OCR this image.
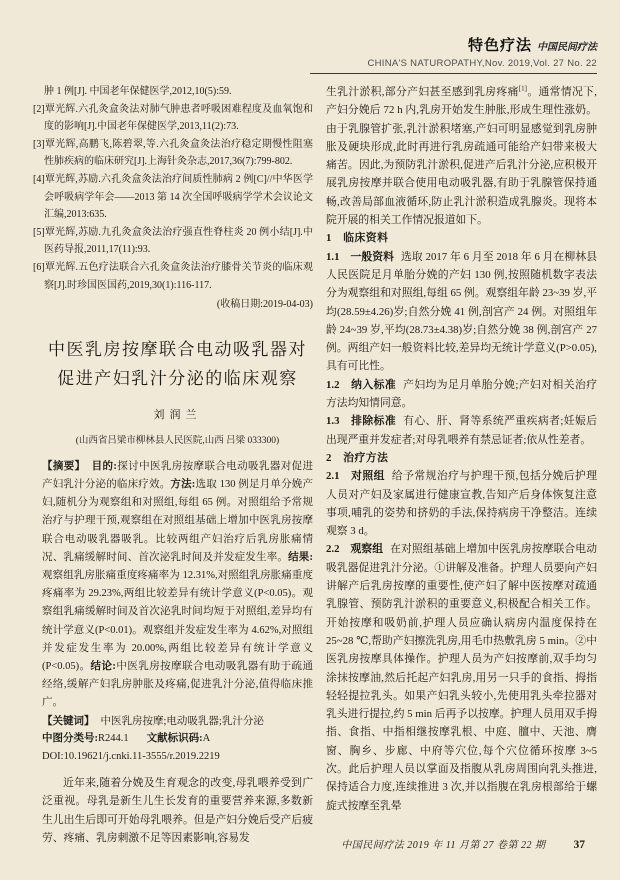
特色疗法 中国民间疗法
CHINA'S NATUROPATHY,Nov. 2019,Vol. 27 No. 22
肿 1 例[J]. 中国老年保健医学,2012,10(5):59.
[2]覃光辉.六孔灸盒灸法对肺气肿患者呼吸困难程度及血氧饱和度的影响[J].中国老年保健医学,2013,11(2):73.
[3]覃光辉,高鹏飞,陈碧翠,等.六孔灸盒灸法治疗稳定期慢性阻塞性肺疾病的临床研究[J].上海针灸杂志,2017,36(7):799-802.
[4]覃光辉,苏励.六孔灸盒灸法治疗间质性肺病 2 例[C]//中华医学会呼吸病学年会——2013 第 14 次全国呼吸病学学术会议论文汇编,2013:635.
[5]覃光辉,苏励.九孔灸盒灸法治疗强直性脊柱炎 20 例小结[J].中医药导报,2011,17(11):93.
[6]覃光辉.五色疗法联合六孔灸盒灸法治疗膝骨关节炎的临床观察[J].时珍国医国药,2019,30(1):116-117.
(收稿日期:2019-04-03)
中医乳房按摩联合电动吸乳器对
促进产妇乳汁分泌的临床观察
刘润兰
(山西省吕梁市柳林县人民医院,山西 吕梁 033300)

【摘要】 目的:探讨中医乳房按摩联合电动吸乳器对促进产妇乳汁分泌的临床疗效。方法:选取 130 例足月单分娩产妇,随机分为观察组和对照组,每组 65 例。对照组给予常规治疗与护理干预,观察组在对照组基础上增加中医乳房按摩联合电动吸乳器吸乳。比较两组产妇治疗后乳房胀痛情况、乳痛缓解时间、首次泌乳时间及并发症发生率。结果:观察组乳房胀痛重度疼痛率为 12.31%,对照组乳房胀痛重度疼痛率为 29.23%,两组比较差异有统计学意义(P<0.05)。观察组乳痛缓解时间及首次泌乳时间均短于对照组,差异均有统计学意义(P<0.01)。观察组并发症发生率为 4.62%,对照组并发症发生率为 20.00%,两组比较差异有统计学意义(P<0.05)。结论:中医乳房按摩联合电动吸乳器有助于疏通经络,缓解产妇乳房肿胀及疼痛,促进乳汁分泌,值得临床推广。

【关键词】 中医乳房按摩;电动吸乳器;乳汁分泌

中图分类号:R244.1 文献标识码:A

DOI:10.19621/j.cnki.11-3555/r.2019.2219

近年来,随着分娩及生育观念的改变,母乳喂养受到广泛重视。母乳是新生儿生长发育的重要营养来源,多数新生儿出生后即可开始母乳喂养。但是产妇分娩后受产后疲劳、疼痛、乳房刺激不足等因素影响,容易发

生乳汁淤积,部分产妇甚至感到乳房疼痛[1]。通常情况下,产妇分娩后 72 h 内,乳房开始发生肿胀,形成生理性涨奶。由于乳腺管扩张,乳汁淤积堵塞,产妇可明显感觉到乳房肿胀及硬块形成,此时再进行乳房疏通可能给产妇带来极大痛苦。因此,为预防乳汁淤积,促进产后乳汁分泌,应积极开展乳房按摩并联合使用电动吸乳器,有助于乳腺管保持通畅,改善局部血液循环,防止乳汁淤积造成乳腺炎。现将本院开展的相关工作情况报道如下。

1　临床资料

1.1　一般资料 选取 2017 年 6 月至 2018 年 6 月在柳林县人民医院足月单胎分娩的产妇 130 例,按照随机数字表法分为观察组和对照组,每组 65 例。观察组年龄 23~39 岁,平均(28.59±4.26)岁;自然分娩 41 例,剖宫产 24 例。对照组年龄 24~39 岁,平均(28.73±4.38)岁;自然分娩 38 例,剖宫产 27 例。两组产妇一般资料比较,差异均无统计学意义(P>0.05),具有可比性。

1.2　纳入标准 产妇均为足月单胎分娩;产妇对相关治疗方法均知情同意。

1.3　排除标准 有心、肝、肾等系统严重疾病者;妊娠后出现严重并发症者;对母乳喂养有禁忌证者;依从性差者。

2　治疗方法

2.1　对照组 给予常规治疗与护理干预,包括分娩后护理人员对产妇及家属进行健康宣教,告知产后身体恢复注意事项,哺乳的姿势和挤奶的手法,保持病房干净整洁。连续观察 3 d。

2.2　观察组 在对照组基础上增加中医乳房按摩联合电动吸乳器促进乳汁分泌。①讲解及准备。护理人员要向产妇讲解产后乳房按摩的重要性,使产妇了解中医按摩对疏通乳腺管、预防乳汁淤积的重要意义,积极配合相关工作。开始按摩和吸奶前,护理人员应确认病房内温度保持在 25~28 ℃,帮助产妇擦洗乳房,用毛巾热敷乳房 5 min。②中医乳房按摩具体操作。护理人员为产妇按摩前,双手均匀涂抹按摩油,然后托起产妇乳房,用另一只手的食指、拇指轻轻提拉乳头。如果产妇乳头较小,先使用乳头牵拉器对乳头进行提拉,约 5 min 后再予以按摩。护理人员用双手拇指、食指、中指相继按摩乳根、中庭、膻中、天池、膺窗、胸乡、步廊、中府等穴位,每个穴位循环按摩 3~5 次。此后护理人员以掌面及指腹从乳房周围向乳头推进,保持适合力度,连续推进 3 次,并以指腹在乳房根部给于螺旋式按摩至乳晕

中国民间疗法 2019 年 11 月第 27 卷第 22 期 37
